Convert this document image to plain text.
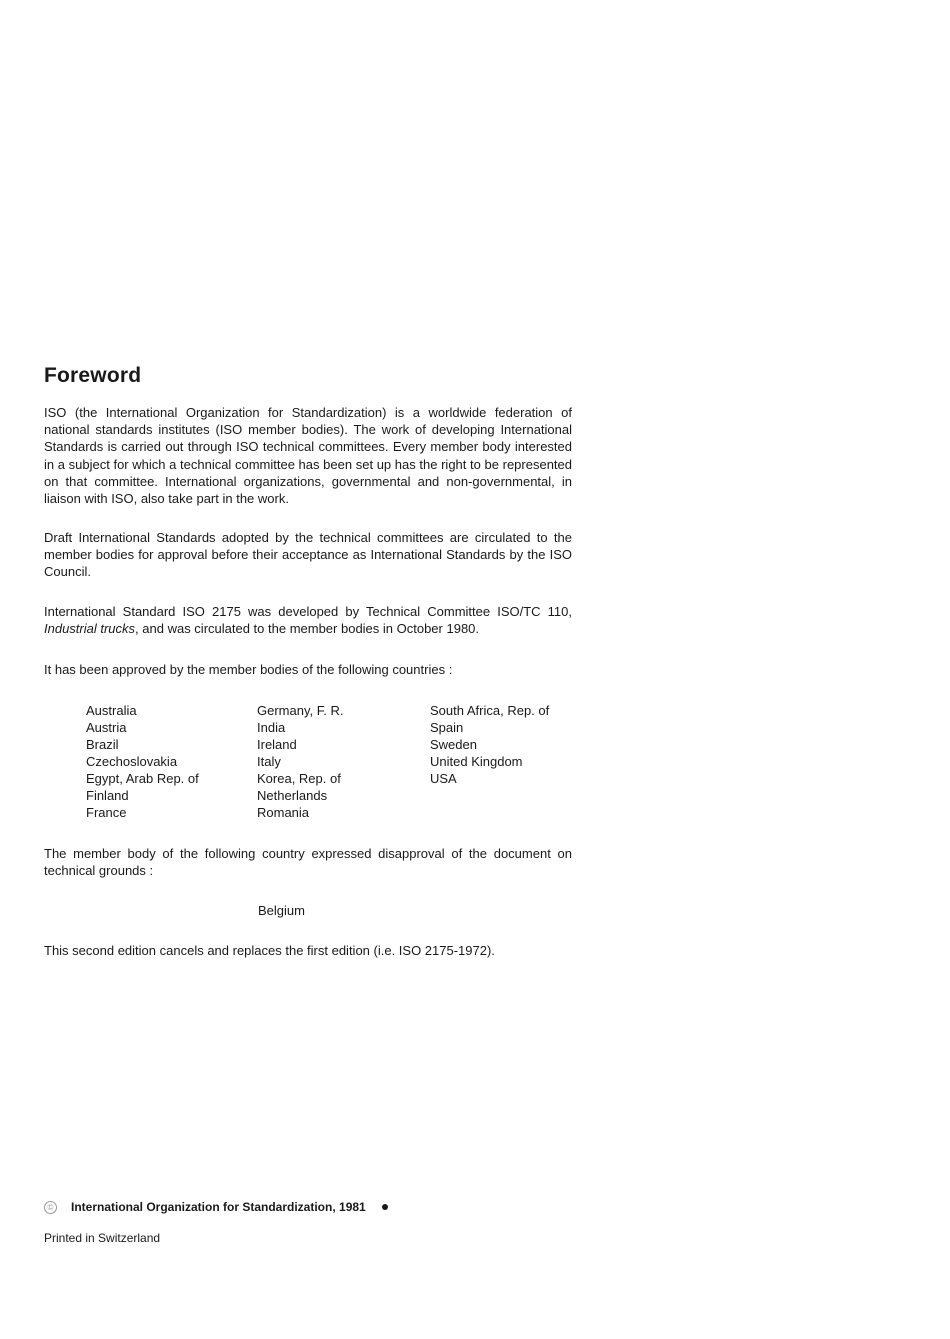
Foreword

ISO (the International Organization for Standardization) is a worldwide federation of national standards institutes (ISO member bodies). The work of developing International Standards is carried out through ISO technical committees. Every member body interested in a subject for which a technical committee has been set up has the right to be represented on that committee. International organizations, governmental and non-governmental, in liaison with ISO, also take part in the work.

Draft International Standards adopted by the technical committees are circulated to the member bodies for approval before their acceptance as International Standards by the ISO Council.

International Standard ISO 2175 was developed by Technical Committee ISO/TC 110, Industrial trucks, and was circulated to the member bodies in October 1980.

It has been approved by the member bodies of the following countries :

Australia
Austria
Brazil
Czechoslovakia
Egypt, Arab Rep. of
Finland
France
Germany, F. R.
India
Ireland
Italy
Korea, Rep. of
Netherlands
Romania
South Africa, Rep. of
Spain
Sweden
United Kingdom
USA

The member body of the following country expressed disapproval of the document on technical grounds :

Belgium

This second edition cancels and replaces the first edition (i.e. ISO 2175-1972).

© International Organization for Standardization, 1981

Printed in Switzerland
